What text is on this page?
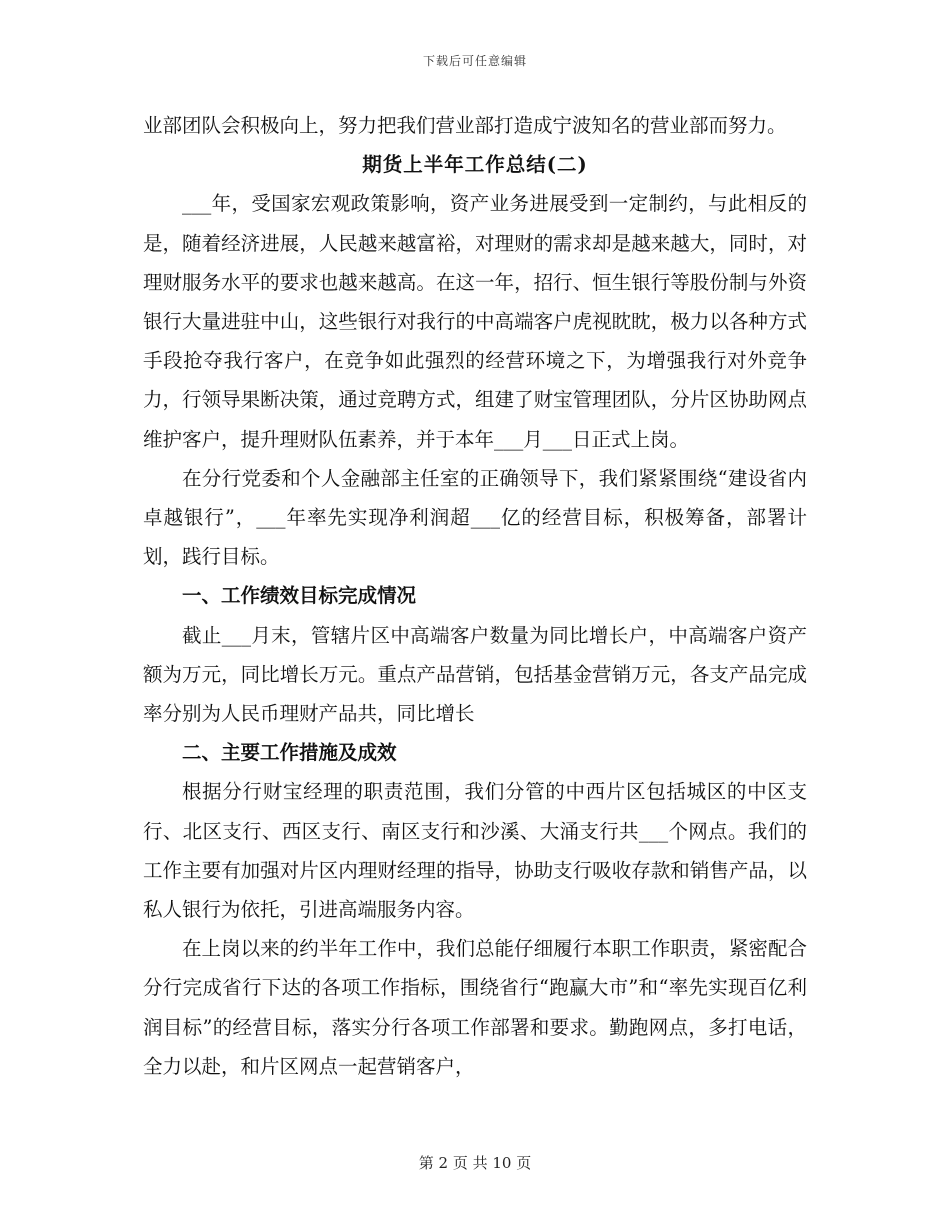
下载后可任意编辑

业部团队会积极向上，努力把我们营业部打造成宁波知名的营业部而努力。

期货上半年工作总结(二)

___年，受国家宏观政策影响，资产业务进展受到一定制约，与此相反的是，随着经济进展，人民越来越富裕，对理财的需求却是越来越大，同时，对理财服务水平的要求也越来越高。在这一年，招行、恒生银行等股份制与外资银行大量进驻中山，这些银行对我行的中高端客户虎视眈眈，极力以各种方式手段抢夺我行客户，在竞争如此强烈的经营环境之下，为增强我行对外竞争力，行领导果断决策，通过竞聘方式，组建了财宝管理团队，分片区协助网点维护客户，提升理财队伍素养，并于本年___月___日正式上岗。

在分行党委和个人金融部主任室的正确领导下，我们紧紧围绕“建设省内卓越银行”，___年率先实现净利润超___亿的经营目标，积极筹备，部署计划，践行目标。

一、工作绩效目标完成情况

截止___月末，管辖片区中高端客户数量为同比增长户，中高端客户资产额为万元，同比增长万元。重点产品营销，包括基金营销万元，各支产品完成率分别为人民币理财产品共，同比增长

二、主要工作措施及成效

根据分行财宝经理的职责范围，我们分管的中西片区包括城区的中区支行、北区支行、西区支行、南区支行和沙溪、大涌支行共___个网点。我们的工作主要有加强对片区内理财经理的指导，协助支行吸收存款和销售产品，以私人银行为依托，引进高端服务内容。

在上岗以来的约半年工作中，我们总能仔细履行本职工作职责，紧密配合分行完成省行下达的各项工作指标，围绕省行“跑赢大市”和“率先实现百亿利润目标”的经营目标，落实分行各项工作部署和要求。勤跑网点，多打电话，全力以赴，和片区网点一起营销客户，

第 2 页 共 10 页
